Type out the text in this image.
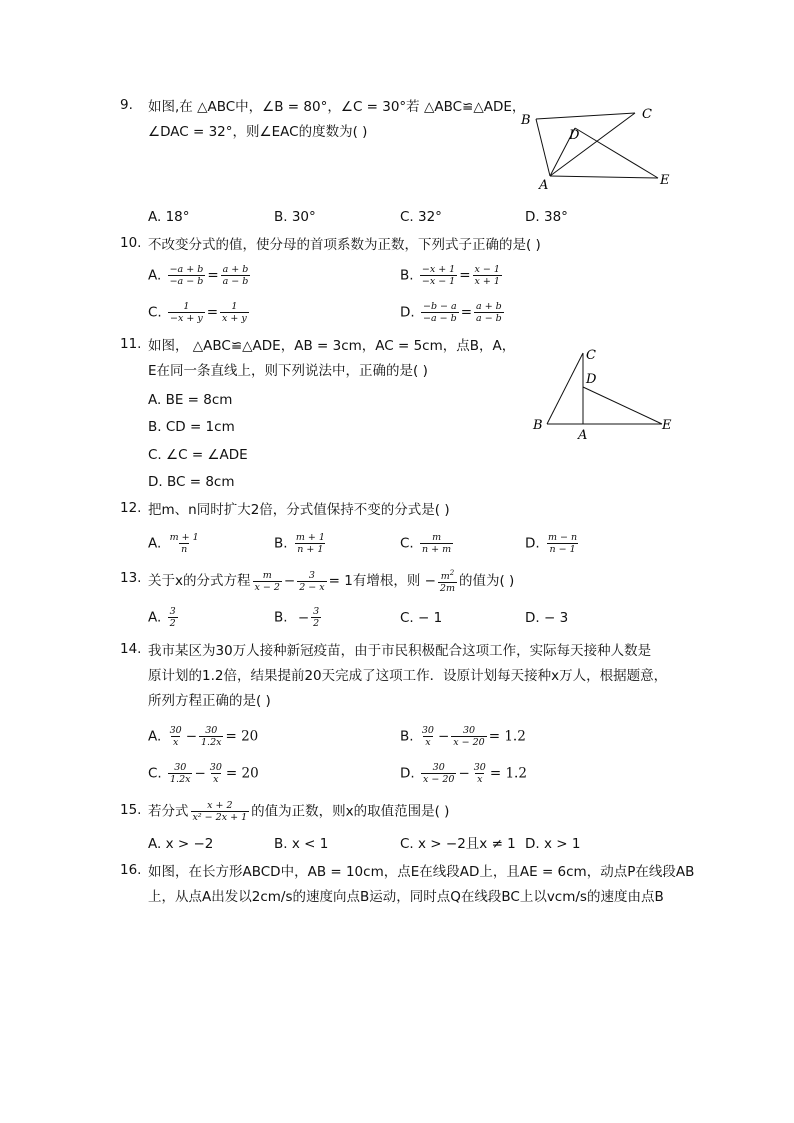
9. 如图,在 △ABC中，∠B = 80°，∠C = 30°若 △ABC≌△ADE，
∠DAC = 32°，则∠EAC的度数为( )
B	C
D
A	E
A. 18°	B. 30°	C. 32°	D. 38°
10. 不改变分式的值，使分母的首项系数为正数，下列式子正确的是( )
A. $\frac{-a + b}{-a - b} = \frac{a + b}{a - b}$	B. $\frac{-x + 1}{-x - 1} = \frac{x - 1}{x + 1}$
C. $\frac{1}{-x + y} = \frac{1}{x + y}$	D. $\frac{-b - a}{-a - b} = \frac{a + b}{a - b}$
11. 如图， △ABC≌△ADE，AB = 3cm，AC = 5cm，点B，A，
E在同一条直线上，则下列说法中，正确的是( )
A. BE = 8cm
B. CD = 1cm
C. ∠C = ∠ADE
D. BC = 8cm
C
D
B
A
E
12. 把m、n同时扩大2倍，分式值保持不变的分式是( )
A. $\frac{m + 1}{n}$	B. $\frac{m + 1}{n + 1}$	C. $\frac{m}{n + m}$	D. $\frac{m - n}{n - 1}$
13. 关于x的分式方程 $\frac{m}{x - 2} - \frac{3}{2 - x} = 1$有增根，则 − $\frac{m^2}{2m}$ 的值为( )
A. $\frac{3}{2}$	B. − $\frac{3}{2}$	C. − 1	D. − 3
14. 我市某区为30万人接种新冠疫苗，由于市民积极配合这项工作，实际每天接种人数是
原计划的1.2倍，结果提前20天完成了这项工作．设原计划每天接种x万人，根据题意，
所列方程正确的是( )
A. $\frac{30}{x} - \frac{30}{1.2x} = 20$	B. $\frac{30}{x} - \frac{30}{x - 20} = 1.2$
C. $\frac{30}{1.2x} - \frac{30}{x} = 20$	D. $\frac{30}{x - 20} - \frac{30}{x} = 1.2$
15. 若分式 $\frac{x + 2}{\text{x² − 2x + 1}}$ 的值为正数，则x的取值范围是( )
A. x > −2	B. x < 1	C. x > −2且x ≠ 1 D. x > 1
16. 如图，在长方形ABCD中，AB = 10cm，点E在线段AD上，且AE = 6cm，动点P在线段AB
上，从点A出发以2cm/s的速度向点B运动，同时点Q在线段BC上以vcm/s的速度由点B
